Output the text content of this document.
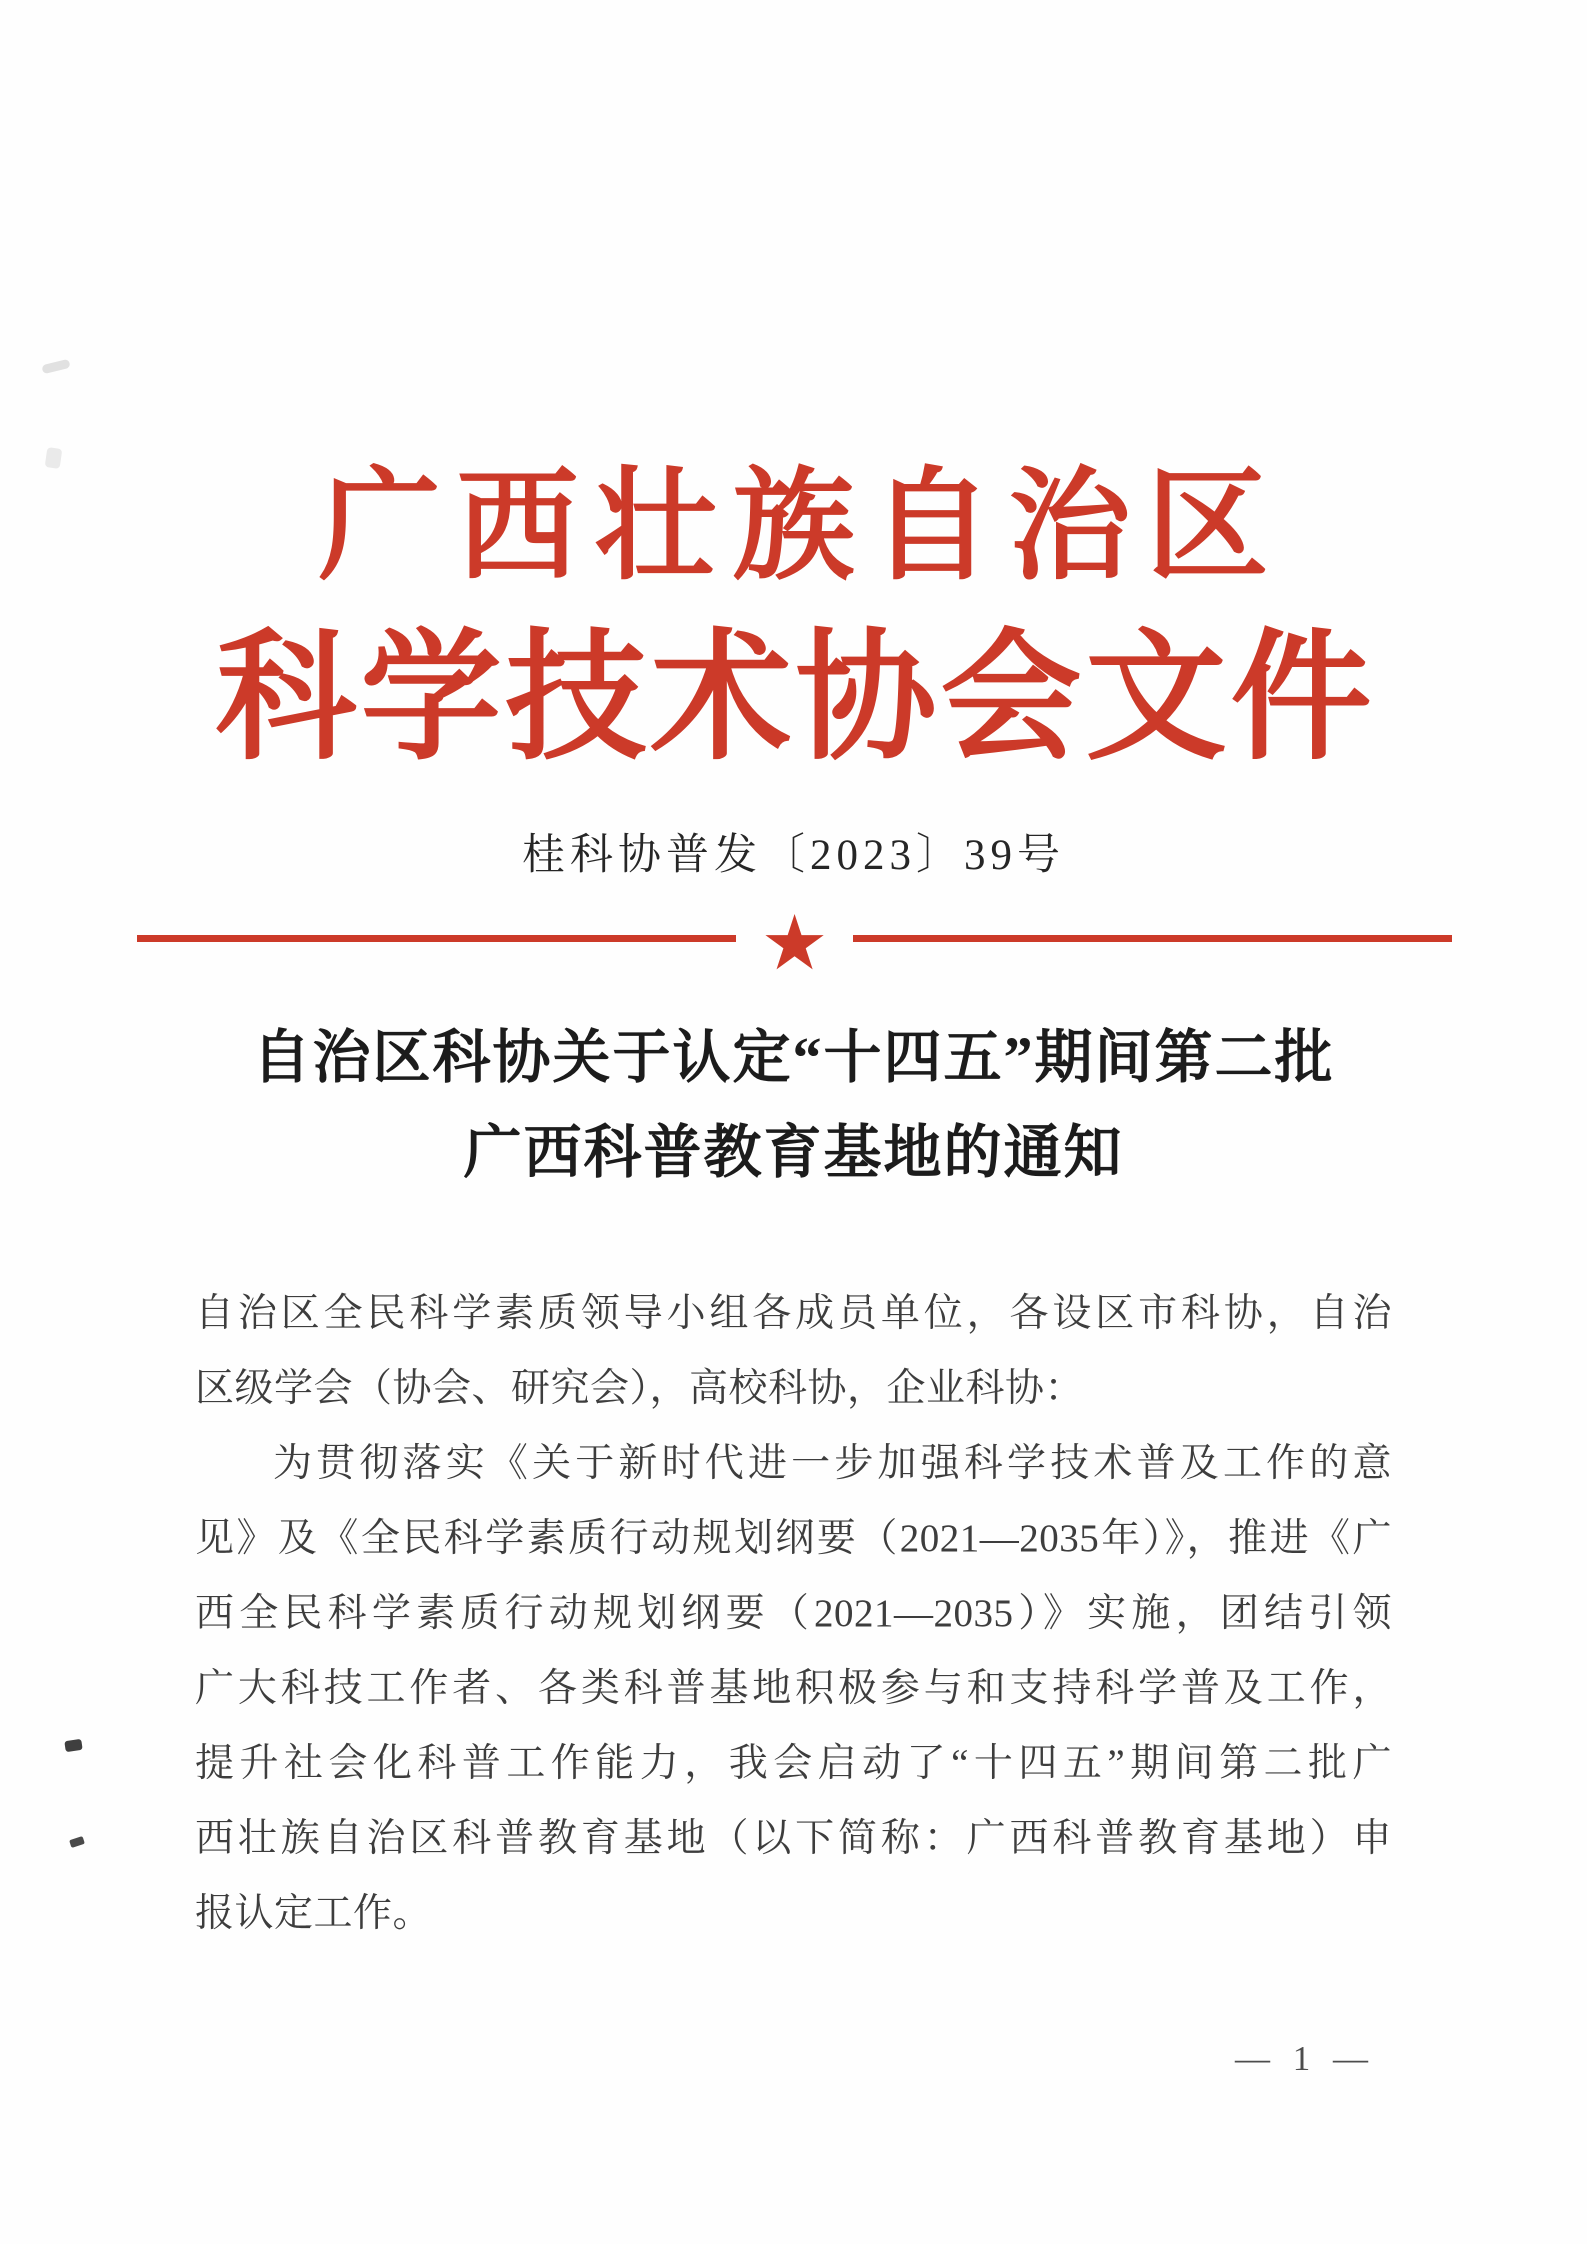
广西壮族自治区
科学技术协会文件
桂科协普发〔2023〕39号
★
自治区科协关于认定“十四五”期间第二批
广西科普教育基地的通知
自治区全民科学素质领导小组各成员单位，各设区市科协，自治
区级学会（协会、研究会），高校科协，企业科协：
为贯彻落实《关于新时代进一步加强科学技术普及工作的意
见》及《全民科学素质行动规划纲要（2021—2035年）》，推进《广
西全民科学素质行动规划纲要（2021—2035）》实施，团结引领
广大科技工作者、各类科普基地积极参与和支持科学普及工作，
提升社会化科普工作能力，我会启动了“十四五”期间第二批广
西壮族自治区科普教育基地（以下简称：广西科普教育基地）申
报认定工作。
— 1 —
